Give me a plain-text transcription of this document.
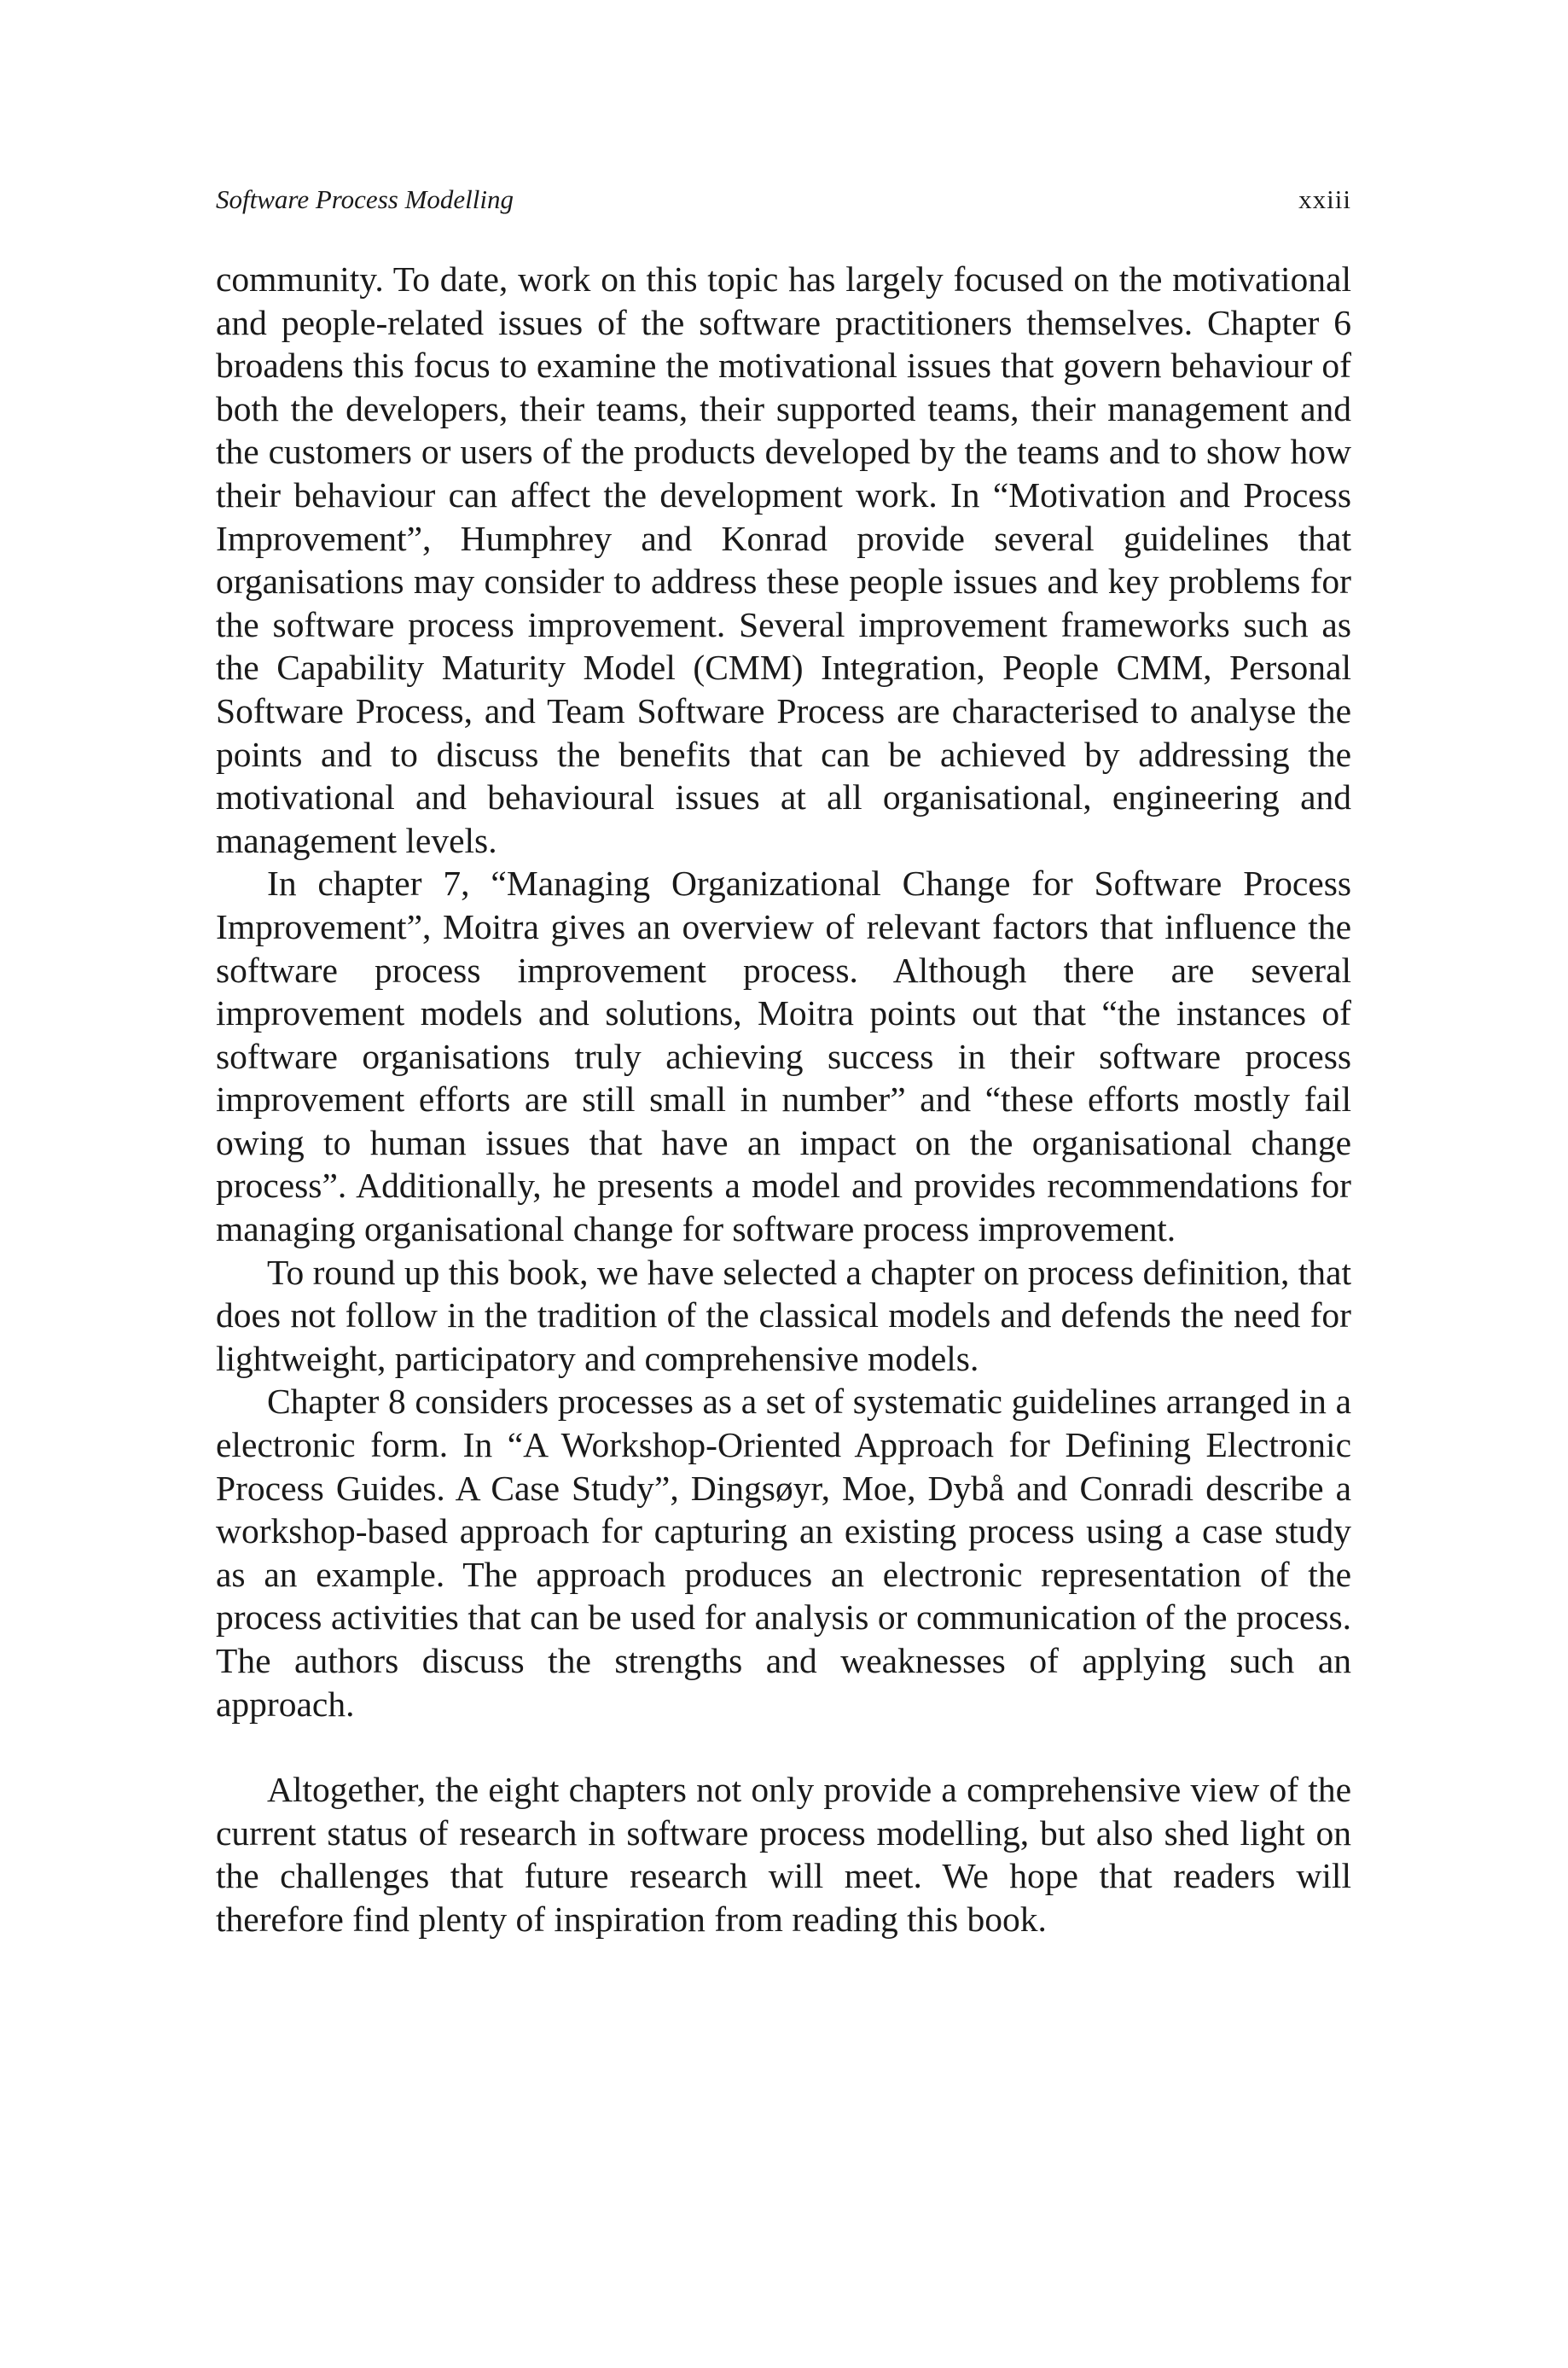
Software Process Modelling	xxiii

community. To date, work on this topic has largely focused on the motivational and people-related issues of the software practitioners themselves. Chapter 6 broadens this focus to examine the motivational issues that govern behaviour of both the developers, their teams, their supported teams, their management and the customers or users of the products developed by the teams and to show how their behaviour can affect the development work. In “Motivation and Process Improvement”, Humphrey and Konrad provide several guidelines that organisations may consider to address these people issues and key problems for the software process improvement. Several improvement frameworks such as the Capability Maturity Model (CMM) Integration, People CMM, Personal Software Process, and Team Software Process are characterised to analyse the points and to discuss the benefits that can be achieved by addressing the motivational and behavioural issues at all organisational, engineering and management levels.

In chapter 7, “Managing Organizational Change for Software Process Improvement”, Moitra gives an overview of relevant factors that influence the software process improvement process. Although there are several improvement models and solutions, Moitra points out that “the instances of software organisations truly achieving success in their software process improvement efforts are still small in number” and “these efforts mostly fail owing to human issues that have an impact on the organisational change process”. Additionally, he presents a model and provides recommendations for managing organisational change for software process improvement.

To round up this book, we have selected a chapter on process definition, that does not follow in the tradition of the classical models and defends the need for lightweight, participatory and comprehensive models.

Chapter 8 considers processes as a set of systematic guidelines arranged in a electronic form. In “A Workshop-Oriented Approach for Defining Electronic Process Guides. A Case Study”, Dingsøyr, Moe, Dybå and Conradi describe a workshop-based approach for capturing an existing process using a case study as an example. The approach produces an electronic representation of the process activities that can be used for analysis or communication of the process. The authors discuss the strengths and weaknesses of applying such an approach.

Altogether, the eight chapters not only provide a comprehensive view of the current status of research in software process modelling, but also shed light on the challenges that future research will meet. We hope that readers will therefore find plenty of inspiration from reading this book.
